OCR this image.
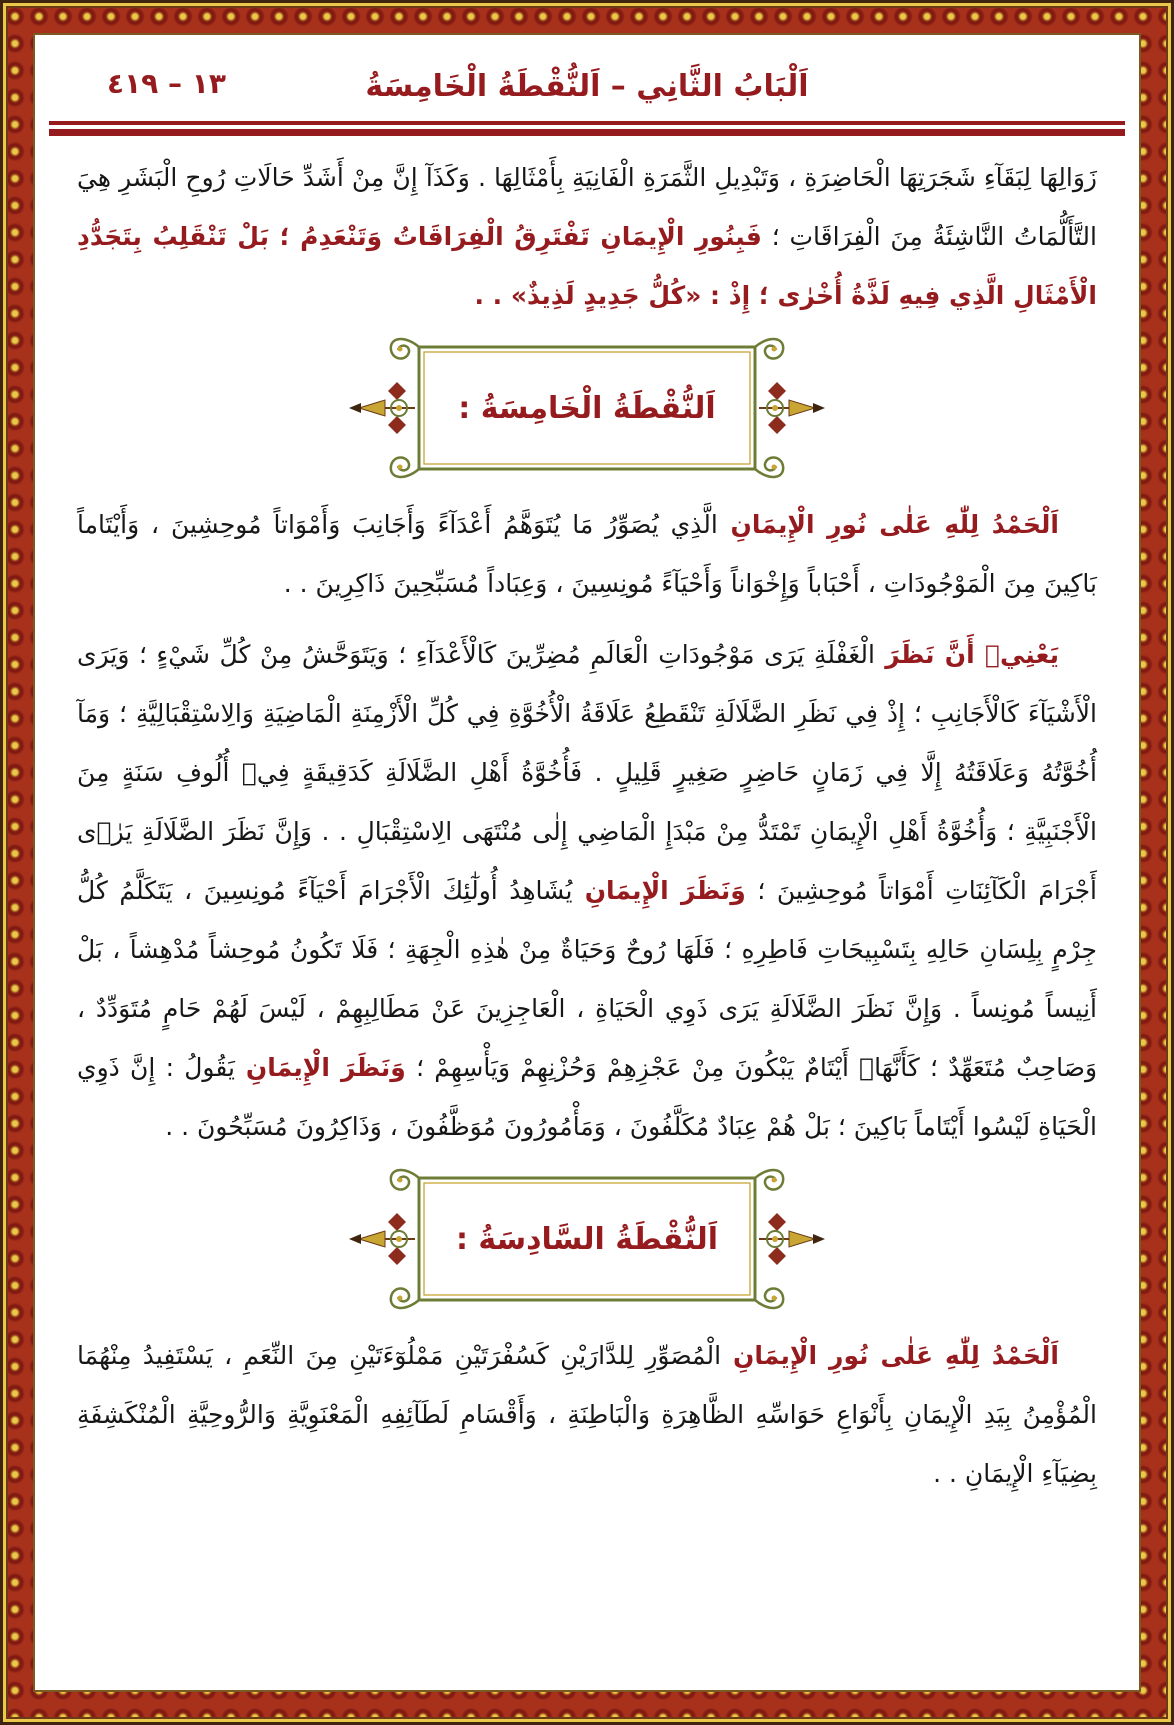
١٣ – ٤١٩	اَلْبَابُ الثَّانِي – اَلنُّقْطَةُ الْخَامِسَةُ

زَوَالِهَا لِبَقَآءِ شَجَرَتِهَا الْحَاضِرَةِ ، وَتَبْدِيلِ الثَّمَرَةِ الْفَانِيَةِ بِأَمْثَالِهَا . وَكَذَآ إِنَّ مِنْ أَشَدِّ حَالَاتِ رُوحِ الْبَشَرِ هِيَ التَّأَلُّمَاتُ النَّاشِئَةُ مِنَ الْفِرَاقَاتِ ؛ فَبِنُورِ الْإِيمَانِ تَفْتَرِقُ الْفِرَاقَاتُ وَتَنْعَدِمُ ؛ بَلْ تَنْقَلِبُ بِتَجَدُّدِ الْأَمْثَالِ الَّذِي فِيهِ لَذَّةُ أُخْرٰى ؛ إِذْ : «كُلُّ جَدِيدٍ لَذِيذٌ» . .

اَلنُّقْطَةُ الْخَامِسَةُ :

اَلْحَمْدُ لِلّٰهِ عَلٰى نُورِ الْإِيمَانِ الَّذِي يُصَوِّرُ مَا يُتَوَهَّمُ أَعْدَآءً وَأَجَانِبَ وَأَمْوَاتاً مُوحِشِينَ ، وَأَيْتَاماً بَاكِينَ مِنَ الْمَوْجُودَاتِ ، أَحْبَاباً وَإِخْوَاناً وَأَحْيَآءً مُونِسِينَ ، وَعِبَاداً مُسَبِّحِينَ ذَاكِرِينَ . .

يَعْنِيۤ أَنَّ نَظَرَ الْغَفْلَةِ يَرَى مَوْجُودَاتِ الْعَالَمِ مُضِرِّينَ كَالْأَعْدَآءِ ؛ وَيَتَوَحَّشُ مِنْ كُلِّ شَيْءٍ ؛ وَيَرَى الْأَشْيَآءَ كَالْأَجَانِبِ ؛ إِذْ فِي نَظَرِ الضَّلَالَةِ تَنْقَطِعُ عَلَاقَةُ الْأُخُوَّةِ فِي كُلِّ الْأَزْمِنَةِ الْمَاضِيَةِ وَالِاسْتِقْبَالِيَّةِ ؛ وَمَآ أُخُوَّتُهُ وَعَلَاقَتُهُ إِلَّا فِي زَمَانٍ حَاضِرٍ صَغِيرٍ قَلِيلٍ . فَأُخُوَّةُ أَهْلِ الضَّلَالَةِ كَدَقِيقَةٍ فِيۤ أُلُوفِ سَنَةٍ مِنَ الْأَجْنَبِيَّةِ ؛ وَأُخُوَّةُ أَهْلِ الْإِيمَانِ تَمْتَدُّ مِنْ مَبْدَإِ الْمَاضِي إِلٰى مُنْتَهَى الِاسْتِقْبَالِ . . وَإِنَّ نَظَرَ الضَّلَالَةِ يَرٰۤى أَجْرَامَ الْكَآئِنَاتِ أَمْوَاتاً مُوحِشِينَ ؛ وَنَظَرَ الْإِيمَانِ يُشَاهِدُ أُولٰٓئِكَ الْأَجْرَامَ أَحْيَآءً مُونِسِينَ ، يَتَكَلَّمُ كُلُّ جِرْمٍ بِلِسَانِ حَالِهِ بِتَسْبِيحَاتِ فَاطِرِهِ ؛ فَلَهَا رُوحٌ وَحَيَاةٌ مِنْ هٰذِهِ الْجِهَةِ ؛ فَلَا تَكُونُ مُوحِشاً مُدْهِشاً ، بَلْ أَنِيساً مُونِساً . وَإِنَّ نَظَرَ الضَّلَالَةِ يَرَى ذَوِي الْحَيَاةِ ، الْعَاجِزِينَ عَنْ مَطَالِبِهِمْ ، لَيْسَ لَهُمْ حَامٍ مُتَوَدِّدٌ ، وَصَاحِبٌ مُتَعَهِّدٌ ؛ كَأَنَّهَاۤ أَيْتَامٌ يَبْكُونَ مِنْ عَجْزِهِمْ وَحُزْنِهِمْ وَيَأْسِهِمْ ؛ وَنَظَرَ الْإِيمَانِ يَقُولُ : إِنَّ ذَوِي الْحَيَاةِ لَيْسُوا أَيْتَاماً بَاكِينَ ؛ بَلْ هُمْ عِبَادٌ مُكَلَّفُونَ ، وَمَأْمُورُونَ مُوَظَّفُونَ ، وَذَاكِرُونَ مُسَبِّحُونَ . .

اَلنُّقْطَةُ السَّادِسَةُ :

اَلْحَمْدُ لِلّٰهِ عَلٰى نُورِ الْإِيمَانِ الْمُصَوِّرِ لِلدَّارَيْنِ كَسُفْرَتَيْنِ مَمْلُوٓءَتَيْنِ مِنَ النِّعَمِ ، يَسْتَفِيدُ مِنْهُمَا الْمُؤْمِنُ بِيَدِ الْإِيمَانِ بِأَنْوَاعِ حَوَاسِّهِ الظَّاهِرَةِ وَالْبَاطِنَةِ ، وَأَقْسَامِ لَطَآئِفِهِ الْمَعْنَوِيَّةِ وَالرُّوحِيَّةِ الْمُنْكَشِفَةِ بِضِيَآءِ الْإِيمَانِ . .
